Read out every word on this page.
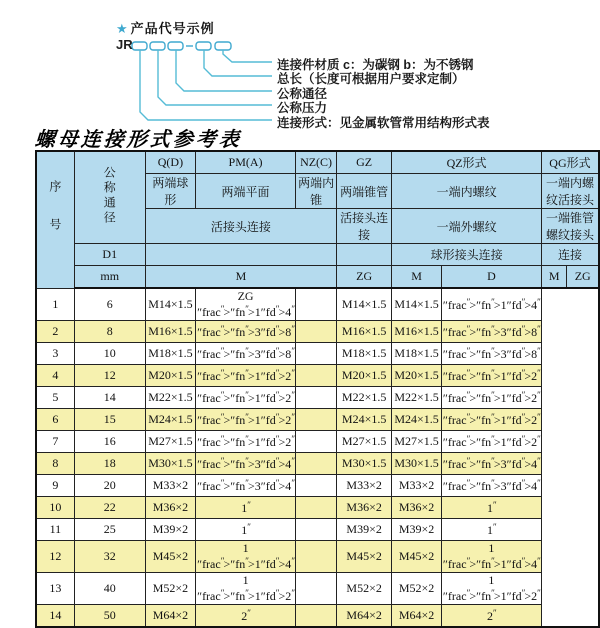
★ 产品代号示例
JR
连接件材质 c：为碳钢 b：为不锈钢
总长（长度可根据用户要求定制）
公称通径
公称压力
连接形式：见金属软管常用结构形式表
螺母连接形式参考表
序号	公称通径	Q(D)	PM(A)	NZ(C)	GZ	QZ形式		QG形式	
		两端球形	两端平面	两端内锥	两端锥管	一端内螺纹		一端内螺纹活接头	
		活接头连接			活接头连接	一端外螺纹		一端锥管螺纹接头	
	D1					球形接头连接		连接	
	mm	M			ZG	M	D	M	ZG
1	6	M14×1.5	ZG ″frac″>″fn″>1″fd″>4″		M14×1.5	M14×1.5	″frac″>″fn″>1″fd″>4″
2	8	M16×1.5	″frac″>″fn″>3″fd″>8″		M16×1.5	M16×1.5	″frac″>″fn″>3″fd″>8″
3	10	M18×1.5	″frac″>″fn″>3″fd″>8″		M18×1.5	M18×1.5	″frac″>″fn″>3″fd″>8″
4	12	M20×1.5	″frac″>″fn″>1″fd″>2″		M20×1.5	M20×1.5	″frac″>″fn″>1″fd″>2″
5	14	M22×1.5	″frac″>″fn″>1″fd″>2″		M22×1.5	M22×1.5	″frac″>″fn″>1″fd″>2″
6	15	M24×1.5	″frac″>″fn″>1″fd″>2″		M24×1.5	M24×1.5	″frac″>″fn″>1″fd″>2″
7	16	M27×1.5	″frac″>″fn″>1″fd″>2″		M27×1.5	M27×1.5	″frac″>″fn″>1″fd″>2″
8	18	M30×1.5	″frac″>″fn″>3″fd″>4″		M30×1.5	M30×1.5	″frac″>″fn″>3″fd″>4″
9	20	M33×2	″frac″>″fn″>3″fd″>4″		M33×2	M33×2	″frac″>″fn″>3″fd″>4″
10	22	M36×2	1″		M36×2	M36×2	1″
11	25	M39×2	1″		M39×2	M39×2	1″
12	32	M45×2	1 ″frac″>″fn″>1″fd″>4″		M45×2	M45×2	1 ″frac″>″fn″>1″fd″>4″
13	40	M52×2	1 ″frac″>″fn″>1″fd″>2″		M52×2	M52×2	1 ″frac″>″fn″>1″fd″>2″
14	50	M64×2	2″		M64×2	M64×2	2″
